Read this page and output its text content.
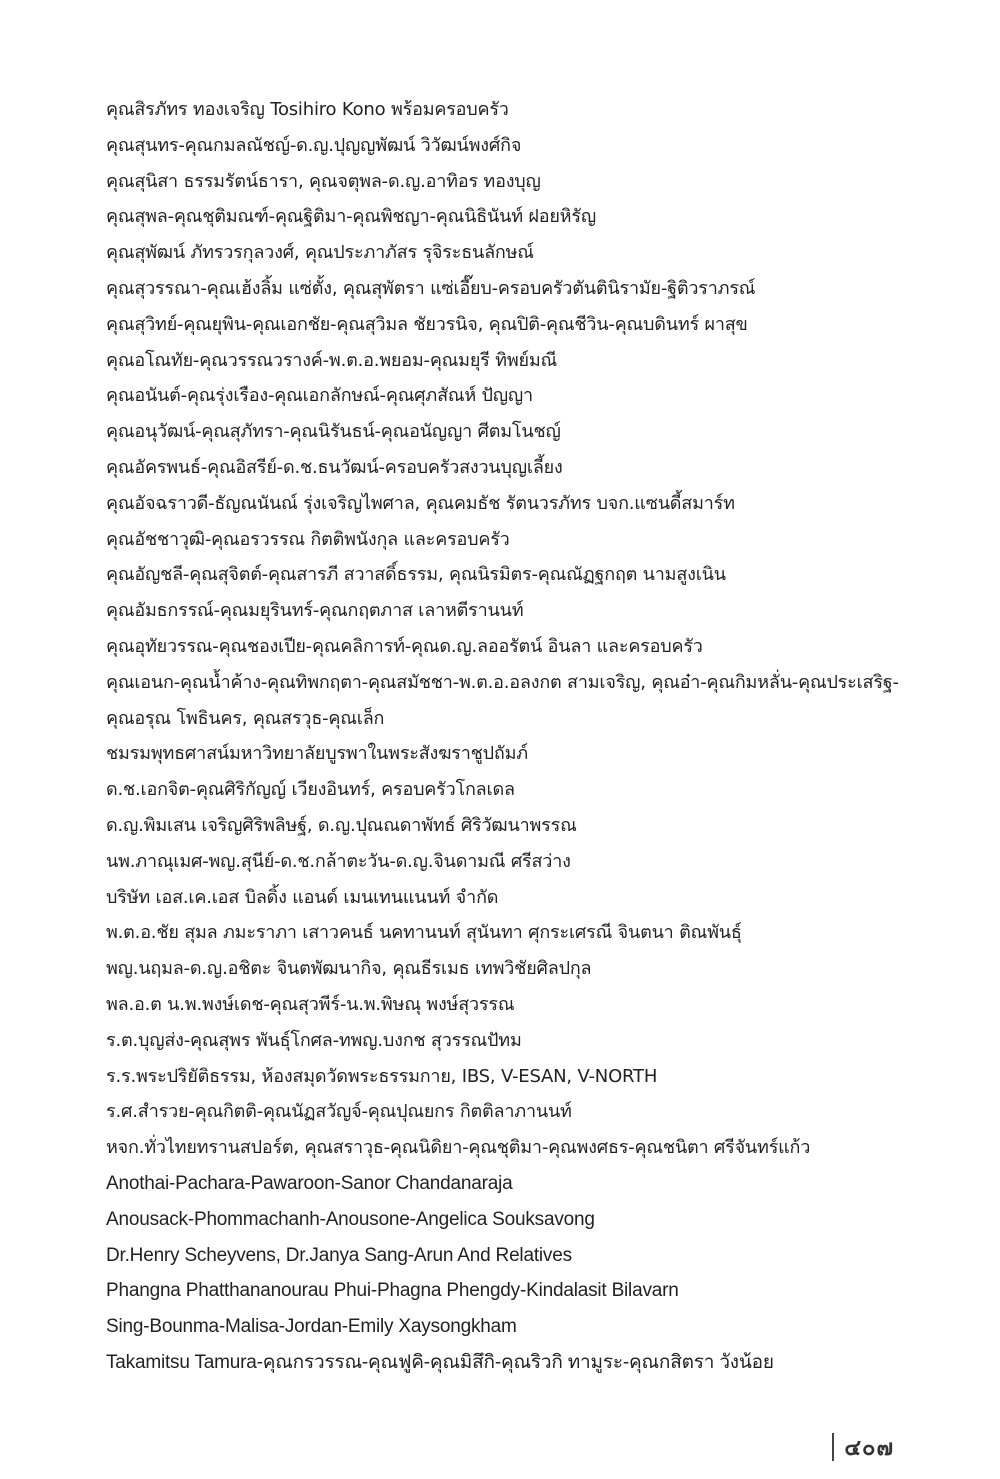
คุณสิรภัทร ทองเจริญ Tosihiro Kono พร้อมครอบครัว
คุณสุนทร-คุณกมลณัชญ์-ด.ญ.ปุญญพัฒน์ วิวัฒน์พงศ์กิจ
คุณสุนิสา ธรรมรัตน์ธารา, คุณจตุพล-ด.ญ.อาทิอร ทองบุญ
คุณสุพล-คุณชุติมณฑ์-คุณฐิติมา-คุณพิชญา-คุณนิธินันท์ ฝอยหิรัญ
คุณสุพัฒน์ ภัทรวรกุลวงศ์, คุณประภาภัสร รุจิระธนลักษณ์
คุณสุวรรณา-คุณเฮ้งลิ้ม แซ่ตั้ง, คุณสุพัตรา แซ่เอี๊ยบ-ครอบครัวตันตินิรามัย-ฐิติวราภรณ์
คุณสุวิทย์-คุณยุพิน-คุณเอกชัย-คุณสุวิมล ชัยวรนิจ, คุณปิติ-คุณชีวิน-คุณบดินทร์ ผาสุข
คุณอโณทัย-คุณวรรณวรางค์-พ.ต.อ.พยอม-คุณมยุรี ทิพย์มณี
คุณอนันต์-คุณรุ่งเรือง-คุณเอกลักษณ์-คุณศุภสัณห์ ปัญญา
คุณอนุวัฒน์-คุณสุภัทรา-คุณนิรันธน์-คุณอนัญญา ศีตมโนชญ์
คุณอัครพนธ์-คุณอิสรีย์-ด.ช.ธนวัฒน์-ครอบครัวสงวนบุญเลี้ยง
คุณอัจฉราวดี-ธัญณนันณ์ รุ่งเจริญไพศาล, คุณคมธัช รัตนวรภัทร บจก.แซนดี้สมาร์ท
คุณอัชชาวุฒิ-คุณอรวรรณ กิตติพนังกุล และครอบครัว
คุณอัญชลี-คุณสุจิตต์-คุณสารภี สวาสดิ์ธรรม, คุณนิรมิตร-คุณณัฏฐกฤต นามสูงเนิน
คุณอัมธกรรณ์-คุณมยุรินทร์-คุณกฤตภาส เลาหตีรานนท์
คุณอุทัยวรรณ-คุณชองเปีย-คุณคลิการท์-คุณด.ญ.ลออรัตน์ อินลา และครอบครัว
คุณเอนก-คุณน้ำค้าง-คุณทิพกฤตา-คุณสมัชชา-พ.ต.อ.อลงกต สามเจริญ, คุณอ๋า-คุณกิมหลั่น-คุณประเสริฐ-
คุณอรุณ โพธินคร, คุณสรวุธ-คุณเล็ก
ชมรมพุทธศาสน์มหาวิทยาลัยบูรพาในพระสังฆราชูปถัมภ์
ด.ช.เอกจิต-คุณศิริกัญญ์ เวียงอินทร์, ครอบครัวโกลเดล
ด.ญ.พิมเสน เจริญศิริพลิษฐ์, ด.ญ.ปุณณดาพัทธ์ ศิริวัฒนาพรรณ
นพ.ภาณุเมศ-พญ.สุนีย์-ด.ช.กล้าตะวัน-ด.ญ.จินดามณี ศรีสว่าง
บริษัท เอส.เค.เอส บิลดิ้ง แอนด์ เมนเทนแนนท์ จำกัด
พ.ต.อ.ชัย สุมล ภมะราภา เสาวคนธ์ นคทานนท์ สุนันทา ศุกระเศรณี จินตนา ติณพันธุ์
พญ.นฤมล-ด.ญ.อชิตะ จินตพัฒนากิจ, คุณธีรเมธ เทพวิชัยศิลปกุล
พล.อ.ต น.พ.พงษ์เดช-คุณสุวพีร์-น.พ.พิษณุ พงษ์สุวรรณ
ร.ต.บุญส่ง-คุณสุพร พันธุ์โกศล-ทพญ.บงกช สุวรรณปัทม
ร.ร.พระปริยัติธรรม, ห้องสมุดวัดพระธรรมกาย, IBS, V-ESAN, V-NORTH
ร.ศ.สำรวย-คุณกิตติ-คุณนัฏสวัญจ์-คุณปุณยกร กิตติลาภานนท์
หจก.ทั่วไทยทรานสปอร์ต, คุณสราวุธ-คุณนิดิยา-คุณชุติมา-คุณพงศธร-คุณชนิตา ศรีจันทร์แก้ว
Anothai-Pachara-Pawaroon-Sanor Chandanaraja
Anousack-Phommachanh-Anousone-Angelica Souksavong
Dr.Henry Scheyvens, Dr.Janya Sang-Arun And Relatives
Phangna Phatthananourau Phui-Phagna Phengdy-Kindalasit Bilavarn
Sing-Bounma-Malisa-Jordan-Emily Xaysongkham
Takamitsu Tamura-คุณกรวรรณ-คุณฟูคิ-คุณมิสึกิ-คุณริวกิ ทามูระ-คุณกสิตรา วังน้อย
๔๐๗
